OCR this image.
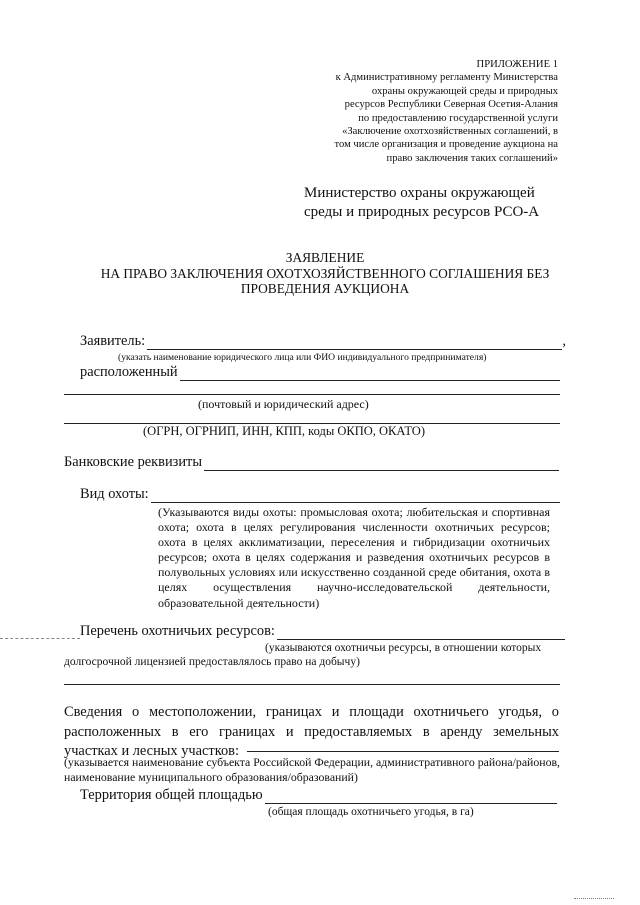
ПРИЛОЖЕНИЕ 1
к Административному регламенту Министерства
охраны окружающей среды и природных
ресурсов Республики Северная Осетия-Алания
по предоставлению государственной услуги
«Заключение охотхозяйственных соглашений, в
том числе организация и проведение аукциона на
право заключения таких соглашений»
Министерство охраны окружающей
среды и природных ресурсов РСО-А
ЗАЯВЛЕНИЕ
НА ПРАВО ЗАКЛЮЧЕНИЯ ОХОТХОЗЯЙСТВЕННОГО СОГЛАШЕНИЯ БЕЗ
ПРОВЕДЕНИЯ АУКЦИОНА
Заявитель:	,
(указать наименование юридического лица или ФИО индивидуального предпринимателя)
расположенный
(почтовый и юридический адрес)
(ОГРН, ОГРНИП, ИНН, КПП, коды ОКПО, ОКАТО)
Банковские реквизиты
Вид охоты:
(Указываются виды охоты: промысловая охота; любительская и спортивная охота; охота в целях регулирования численности охотничьих ресурсов; охота в целях акклиматизации, переселения и гибридизации охотничьих ресурсов; охота в целях содержания и разведения охотничьих ресурсов в полувольных условиях или искусственно созданной среде обитания, охота в целях осуществления научно-исследовательской деятельности, образовательной деятельности)
Перечень охотничьих ресурсов:
(указываются охотничьи ресурсы, в отношении которых
долгосрочной лицензией предоставлялось право на добычу)
Сведения о местоположении, границах и площади охотничьего угодья, о расположенных в его границах и предоставляемых в аренду земельных участках и лесных участков:
(указывается наименование субъекта Российской Федерации, административного района/районов, наименование муниципального образования/образований)
Территория общей площадью
(общая площадь охотничьего угодья, в га)
